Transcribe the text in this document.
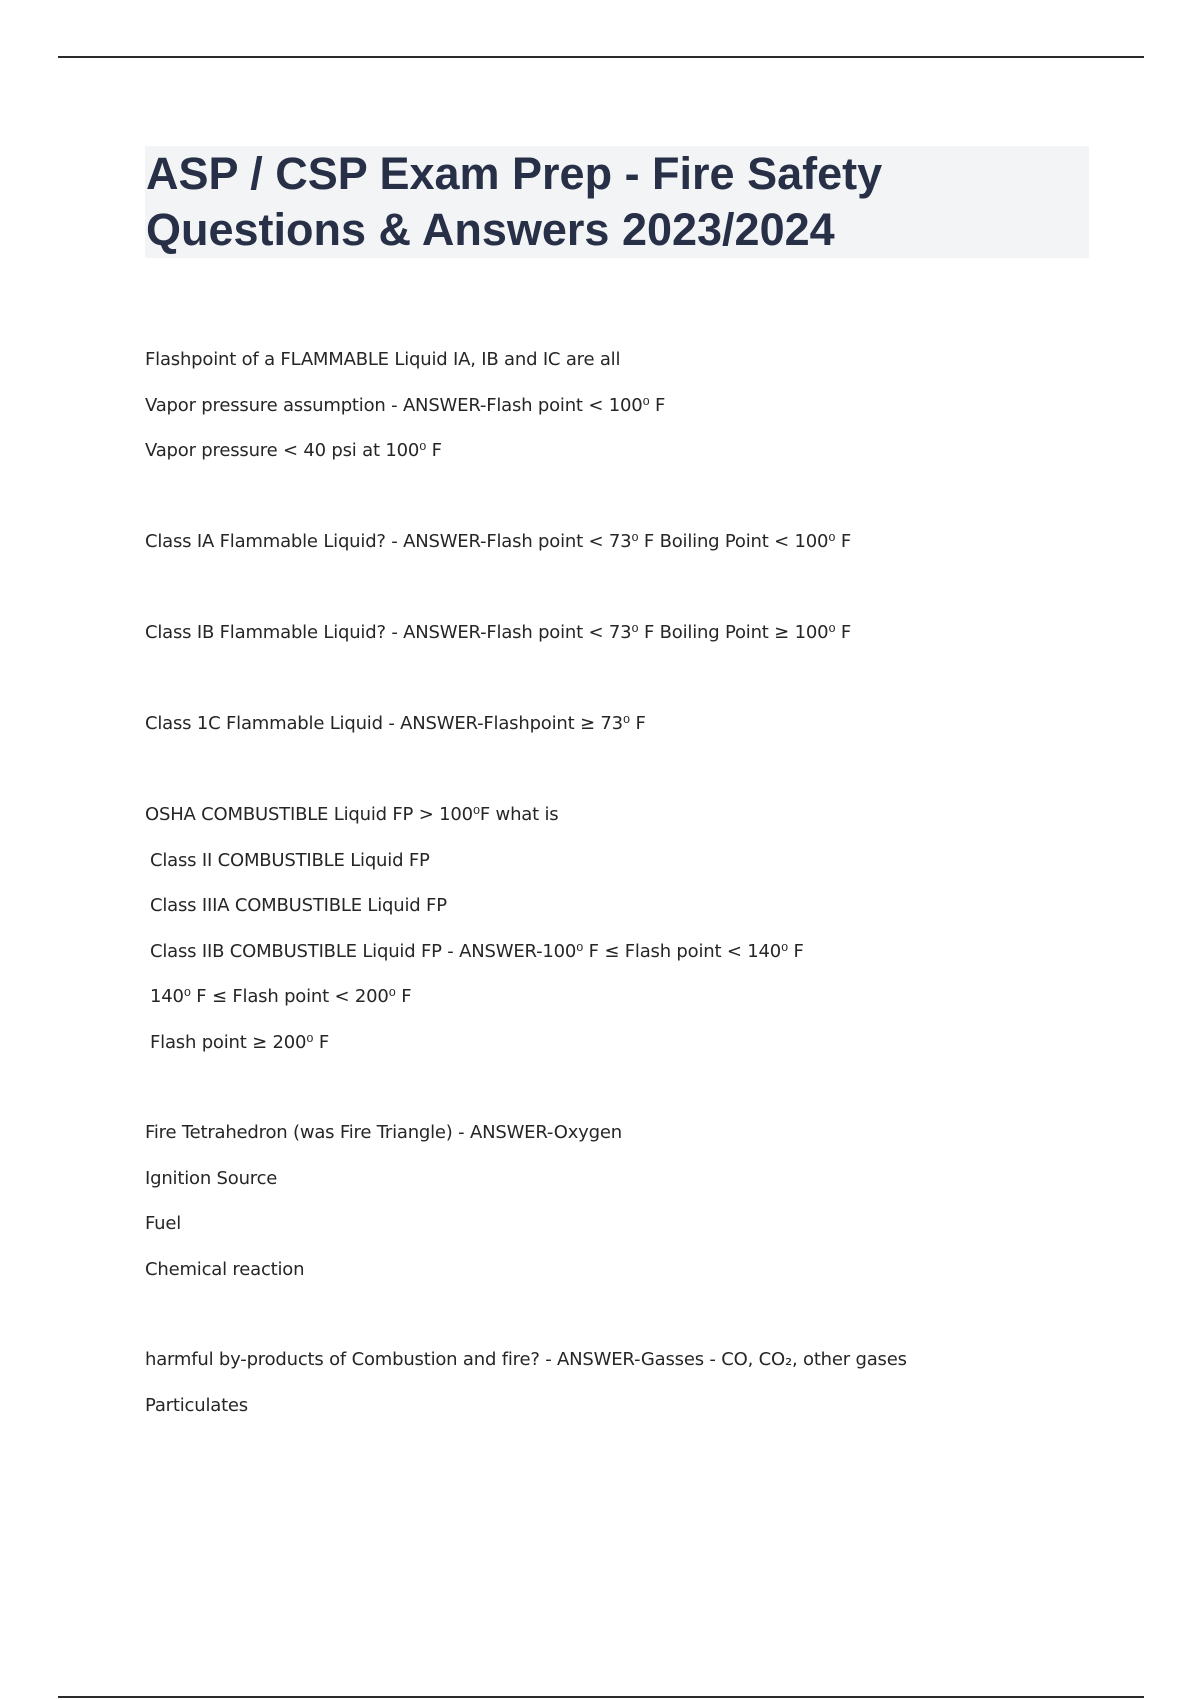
ASP / CSP Exam Prep - Fire Safety
Questions & Answers 2023/2024
Flashpoint of a FLAMMABLE Liquid IA, IB and IC are all
Vapor pressure assumption - ANSWER-Flash point < 100⁰ F
Vapor pressure < 40 psi at 100⁰ F
Class IA Flammable Liquid? - ANSWER-Flash point < 73⁰ F Boiling Point < 100⁰ F
Class IB Flammable Liquid? - ANSWER-Flash point < 73⁰ F Boiling Point ≥ 100⁰ F
Class 1C Flammable Liquid - ANSWER-Flashpoint ≥ 73⁰ F
OSHA COMBUSTIBLE Liquid FP > 100⁰F what is
Class II COMBUSTIBLE Liquid FP
Class IIIA COMBUSTIBLE Liquid FP
Class IIB COMBUSTIBLE Liquid FP - ANSWER-100⁰ F ≤ Flash point < 140⁰ F
140⁰ F ≤ Flash point < 200⁰ F
Flash point ≥ 200⁰ F
Fire Tetrahedron (was Fire Triangle) - ANSWER-Oxygen
Ignition Source
Fuel
Chemical reaction
harmful by-products of Combustion and fire? - ANSWER-Gasses - CO, CO₂, other gases
Particulates
